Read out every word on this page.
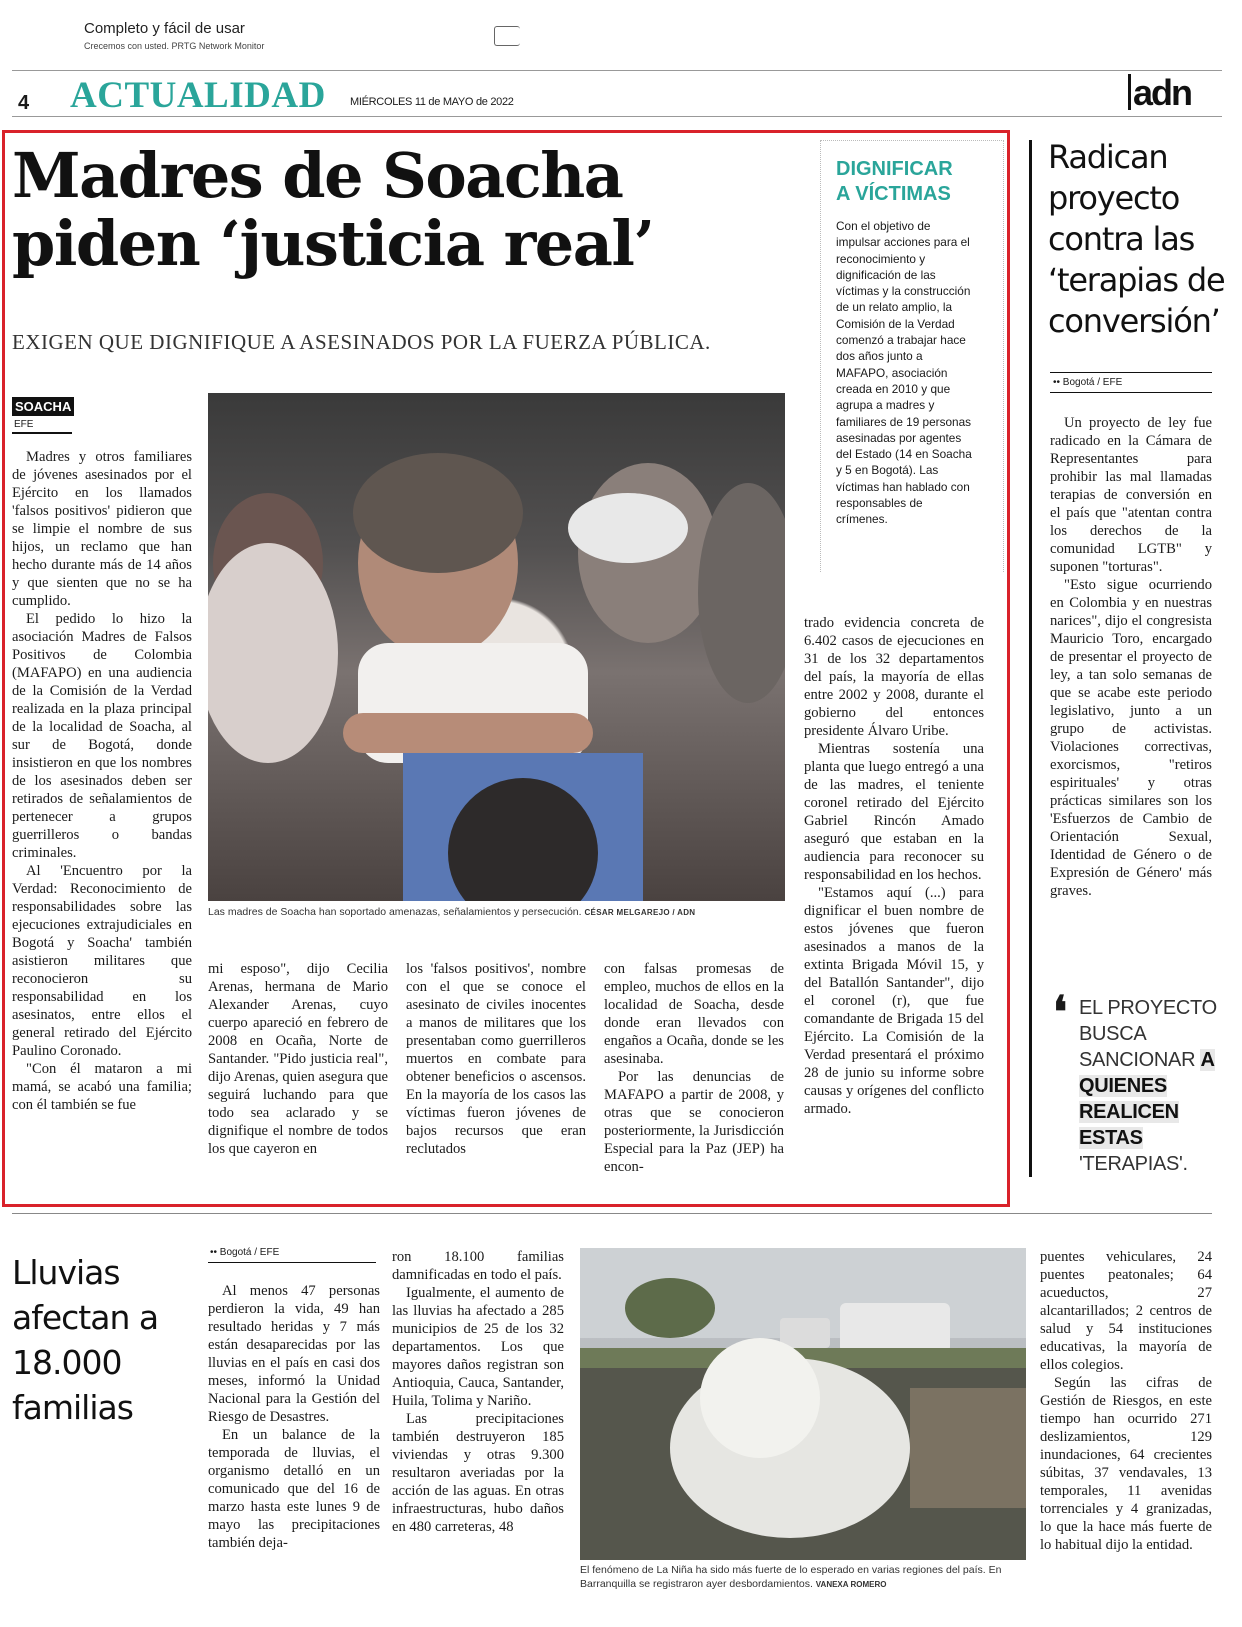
Completo y fácil de usar
Crecemos con usted. PRTG Network Monitor
4 ACTUALIDAD MIÉRCOLES 11 de MAYO de 2022	adn
Madres de Soacha
piden ‘justicia real’
EXIGEN QUE DIGNIFIQUE A ASESINADOS POR LA FUERZA PÚBLICA.
SOACHA
EFE

Madres y otros familiares de jóvenes asesinados por el Ejército en los llamados 'falsos positivos' pidieron que se limpie el nombre de sus hijos, un reclamo que han hecho durante más de 14 años y que sienten que no se ha cumplido.

El pedido lo hizo la asociación Madres de Falsos Positivos de Colombia (MAFAPO) en una audiencia de la Comisión de la Verdad realizada en la plaza principal de la localidad de Soacha, al sur de Bogotá, donde insistieron en que los nombres de los asesinados deben ser retirados de señalamientos de pertenecer a grupos guerrilleros o bandas criminales.

Al 'Encuentro por la Verdad: Reconocimiento de responsabilidades sobre las ejecuciones extrajudiciales en Bogotá y Soacha' también asistieron militares que reconocieron su responsabilidad en los asesinatos, entre ellos el general retirado del Ejército Paulino Coronado.

"Con él mataron a mi mamá, se acabó una familia; con él también se fue

Las madres de Soacha han soportado amenazas, señalamientos y persecución. CÉSAR MELGAREJO / ADN

mi esposo", dijo Cecilia Arenas, hermana de Mario Alexander Arenas, cuyo cuerpo apareció en febrero de 2008 en Ocaña, Norte de Santander. "Pido justicia real", dijo Arenas, quien asegura que seguirá luchando para que todo sea aclarado y se dignifique el nombre de todos los que cayeron en

los 'falsos positivos', nombre con el que se conoce el asesinato de civiles inocentes a manos de militares que los presentaban como guerrilleros muertos en combate para obtener beneficios o ascensos. En la mayoría de los casos las víctimas fueron jóvenes de bajos recursos que eran reclutados

con falsas promesas de empleo, muchos de ellos en la localidad de Soacha, desde donde eran llevados con engaños a Ocaña, donde se les asesinaba.

Por las denuncias de MAFAPO a partir de 2008, y otras que se conocieron posteriormente, la Jurisdicción Especial para la Paz (JEP) ha encon-

trado evidencia concreta de 6.402 casos de ejecuciones en 31 de los 32 departamentos del país, la mayoría de ellas entre 2002 y 2008, durante el gobierno del entonces presidente Álvaro Uribe.

Mientras sostenía una planta que luego entregó a una de las madres, el teniente coronel retirado del Ejército Gabriel Rincón Amado aseguró que estaban en la audiencia para reconocer su responsabilidad en los hechos.

"Estamos aquí (...) para dignificar el buen nombre de estos jóvenes que fueron asesinados a manos de la extinta Brigada Móvil 15, y del Batallón Santander", dijo el coronel (r), que fue comandante de Brigada 15 del Ejército. La Comisión de la Verdad presentará el próximo 28 de junio su informe sobre causas y orígenes del conflicto armado.

DIGNIFICAR
A VÍCTIMAS
Con el objetivo de impulsar acciones para el reconocimiento y dignificación de las víctimas y la construcción de un relato amplio, la Comisión de la Verdad comenzó a trabajar hace dos años junto a MAFAPO, asociación creada en 2010 y que agrupa a madres y familiares de 19 personas asesinadas por agentes del Estado (14 en Soacha y 5 en Bogotá). Las víctimas han hablado con responsables de crímenes.
Radican proyecto contra las ‘terapias de conversión’
•• Bogotá / EFE

Un proyecto de ley fue radicado en la Cámara de Representantes para prohibir las mal llamadas terapias de conversión en el país que "atentan contra los derechos de la comunidad LGTB" y suponen "torturas".

"Esto sigue ocurriendo en Colombia y en nuestras narices", dijo el congresista Mauricio Toro, encargado de presentar el proyecto de ley, a tan solo semanas de que se acabe este periodo legislativo, junto a un grupo de activistas. Violaciones correctivas, exorcismos, "retiros espirituales' y otras prácticas similares son los 'Esfuerzos de Cambio de Orientación Sexual, Identidad de Género o de Expresión de Género' más graves.

❛ EL PROYECTO BUSCA SANCIONAR A QUIENES REALICEN ESTAS 'TERAPIAS'.
Lluvias afectan a 18.000 familias
•• Bogotá / EFE

Al menos 47 personas perdieron la vida, 49 han resultado heridas y 7 más están desaparecidas por las lluvias en el país en casi dos meses, informó la Unidad Nacional para la Gestión del Riesgo de Desastres.

En un balance de la temporada de lluvias, el organismo detalló en un comunicado que del 16 de marzo hasta este lunes 9 de mayo las precipitaciones también deja-

ron 18.100 familias damnificadas en todo el país.

Igualmente, el aumento de las lluvias ha afectado a 285 municipios de 25 de los 32 departamentos. Los que mayores daños registran son Antioquia, Cauca, Santander, Huila, Tolima y Nariño.

Las precipitaciones también destruyeron 185 viviendas y otras 9.300 resultaron averiadas por la acción de las aguas. En otras infraestructuras, hubo daños en 480 carreteras, 48

El fenómeno de La Niña ha sido más fuerte de lo esperado en varias regiones del país. En Barranquilla se registraron ayer desbordamientos. VANEXA ROMERO

puentes vehiculares, 24 puentes peatonales; 64 acueductos, 27 alcantarillados; 2 centros de salud y 54 instituciones educativas, la mayoría de ellos colegios.

Según las cifras de Gestión de Riesgos, en este tiempo han ocurrido 271 deslizamientos, 129 inundaciones, 64 crecientes súbitas, 37 vendavales, 13 temporales, 11 avenidas torrenciales y 4 granizadas, lo que la hace más fuerte de lo habitual dijo la entidad.
